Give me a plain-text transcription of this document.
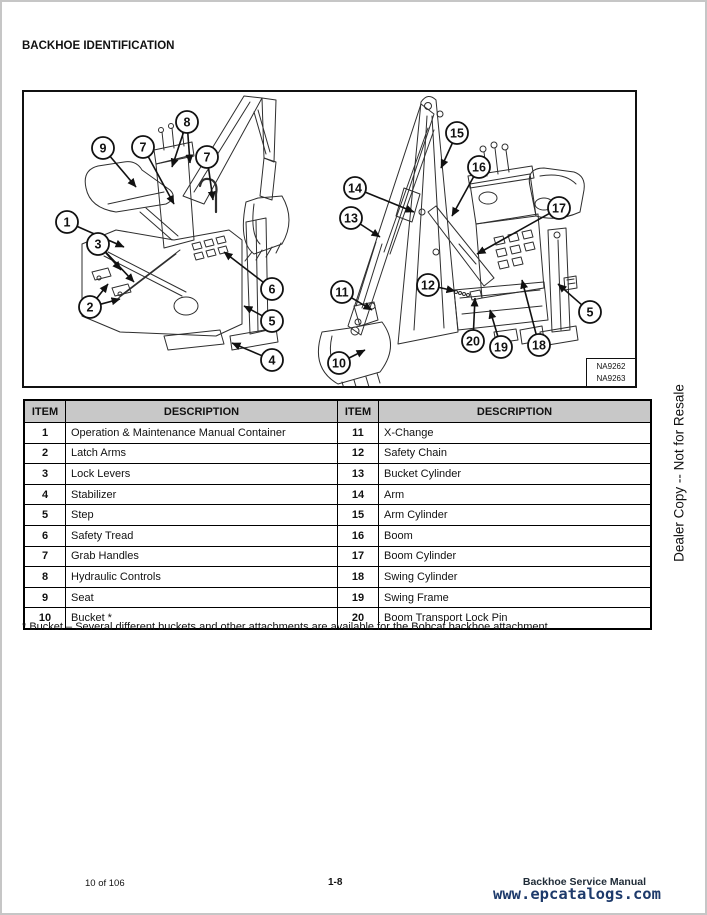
BACKHOE IDENTIFICATION
9	7
8
7
1
3
2
6
5
4
15
16
14
13
17
12
11
5
20 19 18
10	NA9262
NA9263
ITEM	DESCRIPTION	ITEM	DESCRIPTION
1	Operation & Maintenance Manual Container	11	X-Change
2	Latch Arms	12	Safety Chain
3	Lock Levers	13	Bucket Cylinder
4	Stabilizer	14	Arm
5	Step	15	Arm Cylinder
6	Safety Tread	16	Boom
7	Grab Handles	17	Boom Cylinder
8	Hydraulic Controls	18	Swing Cylinder
9	Seat	19	Swing Frame
10	Bucket *	20	Boom Transport Lock Pin
* Bucket – Several different buckets and other attachments are available for the Bobcat backhoe attachment.
Dealer Copy -- Not for Resale
10 of 106	1-8	Backhoe Service Manual
www.epcatalogs.com
